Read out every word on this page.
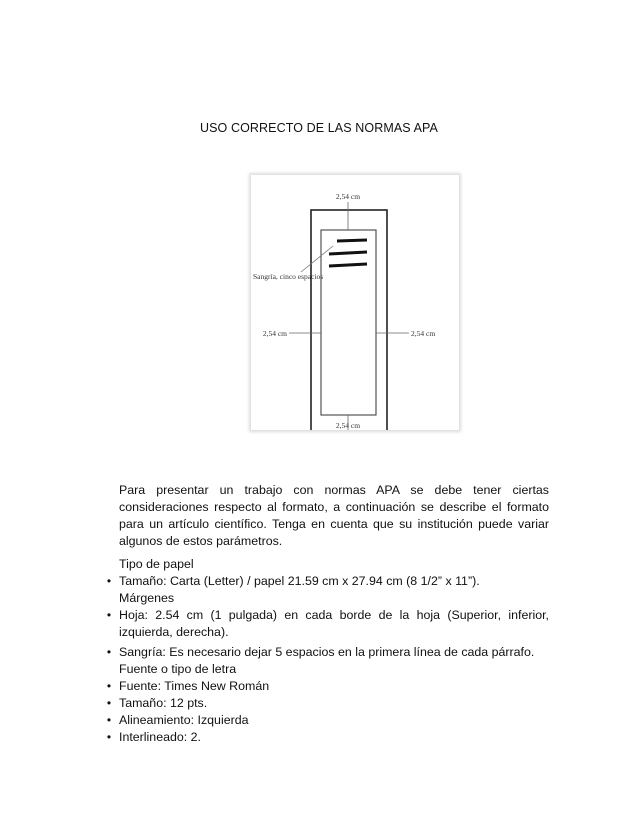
USO CORRECTO DE LAS NORMAS APA
2,54 cm
Sangría, cinco espacios
2,54 cm	2,54 cm
2,54 cm

Para presentar un trabajo con normas APA se debe tener ciertas consideraciones respecto al formato, a continuación se describe el formato para un artículo científico. Tenga en cuenta que su institución puede variar algunos de estos parámetros.

Tipo de papel

• Tamaño: Carta (Letter) / papel 21.59 cm x 27.94 cm (8 1/2” x 11”).

Márgenes

• Hoja: 2.54 cm (1 pulgada) en cada borde de la hoja (Superior, inferior, izquierda, derecha).
• Sangría: Es necesario dejar 5 espacios en la primera línea de cada párrafo.

Fuente o tipo de letra

• Fuente: Times New Román
• Tamaño: 12 pts.
• Alineamiento: Izquierda
• Interlineado: 2.
